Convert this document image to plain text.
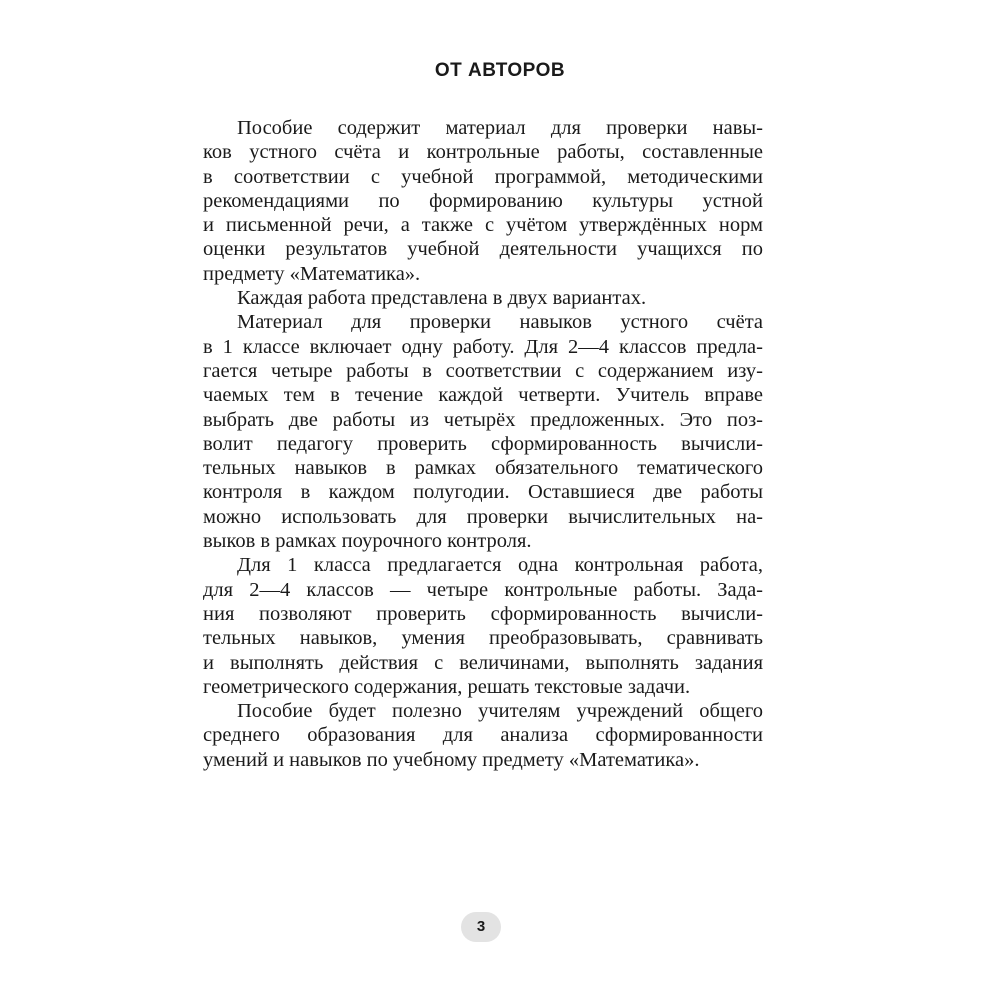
ОТ АВТОРОВ
Пособие содержит материал для проверки навы-
ков устного счёта и контрольные работы, составленные
в соответствии с учебной программой, методическими
рекомендациями по формированию культуры устной
и письменной речи, а также с учётом утверждённых норм
оценки результатов учебной деятельности учащихся по
предмету «Математика».
Каждая работа представлена в двух вариантах.
Материал для проверки навыков устного счёта
в 1 классе включает одну работу. Для 2—4 классов предла-
гается четыре работы в соответствии с содержанием изу-
чаемых тем в течение каждой четверти. Учитель вправе
выбрать две работы из четырёх предложенных. Это поз-
волит педагогу проверить сформированность вычисли-
тельных навыков в рамках обязательного тематического
контроля в каждом полугодии. Оставшиеся две работы
можно использовать для проверки вычислительных на-
выков в рамках поурочного контроля.
Для 1 класса предлагается одна контрольная работа,
для 2—4 классов — четыре контрольные работы. Зада-
ния позволяют проверить сформированность вычисли-
тельных навыков, умения преобразовывать, сравнивать
и выполнять действия с величинами, выполнять задания
геометрического содержания, решать текстовые задачи.
Пособие будет полезно учителям учреждений общего
среднего образования для анализа сформированности
умений и навыков по учебному предмету «Математика».
3
